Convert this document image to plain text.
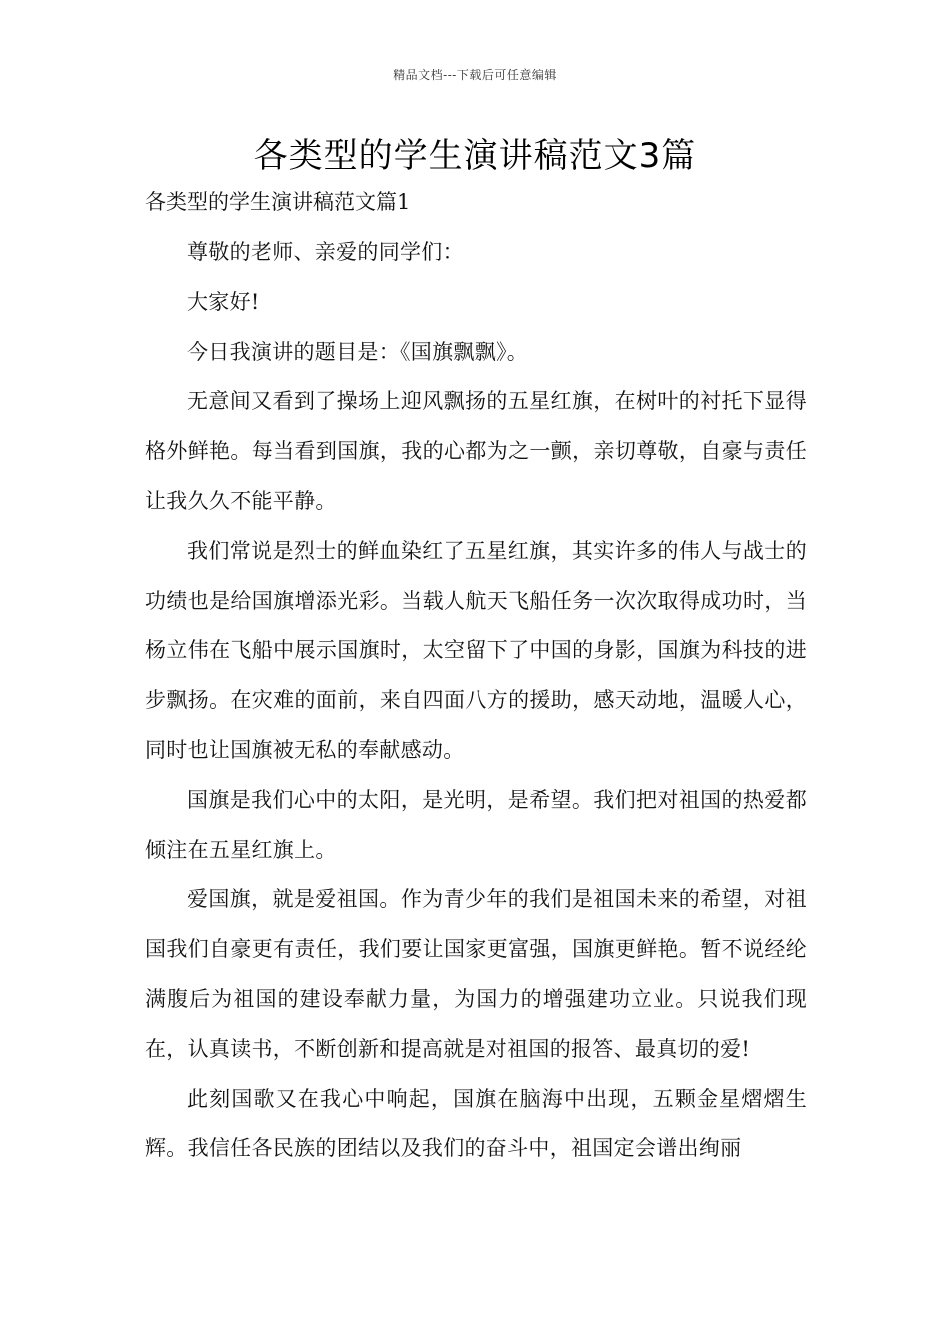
精品文档---下载后可任意编辑
各类型的学生演讲稿范文3篇
各类型的学生演讲稿范文篇1

尊敬的老师、亲爱的同学们：

大家好!

今日我演讲的题目是：《国旗飘飘》。

无意间又看到了操场上迎风飘扬的五星红旗，在树叶的衬托下显得格外鲜艳。每当看到国旗，我的心都为之一颤，亲切尊敬，自豪与责任让我久久不能平静。

我们常说是烈士的鲜血染红了五星红旗，其实许多的伟人与战士的功绩也是给国旗增添光彩。当载人航天飞船任务一次次取得成功时，当杨立伟在飞船中展示国旗时，太空留下了中国的身影，国旗为科技的进步飘扬。在灾难的面前，来自四面八方的援助，感天动地，温暖人心，同时也让国旗被无私的奉献感动。

国旗是我们心中的太阳，是光明，是希望。我们把对祖国的热爱都倾注在五星红旗上。

爱国旗，就是爱祖国。作为青少年的我们是祖国未来的希望，对祖国我们自豪更有责任，我们要让国家更富强，国旗更鲜艳。暂不说经纶满腹后为祖国的建设奉献力量，为国力的增强建功立业。只说我们现在，认真读书，不断创新和提高就是对祖国的报答、最真切的爱!

此刻国歌又在我心中响起，国旗在脑海中出现，五颗金星熠熠生辉。我信任各民族的团结以及我们的奋斗中，祖国定会谱出绚丽
